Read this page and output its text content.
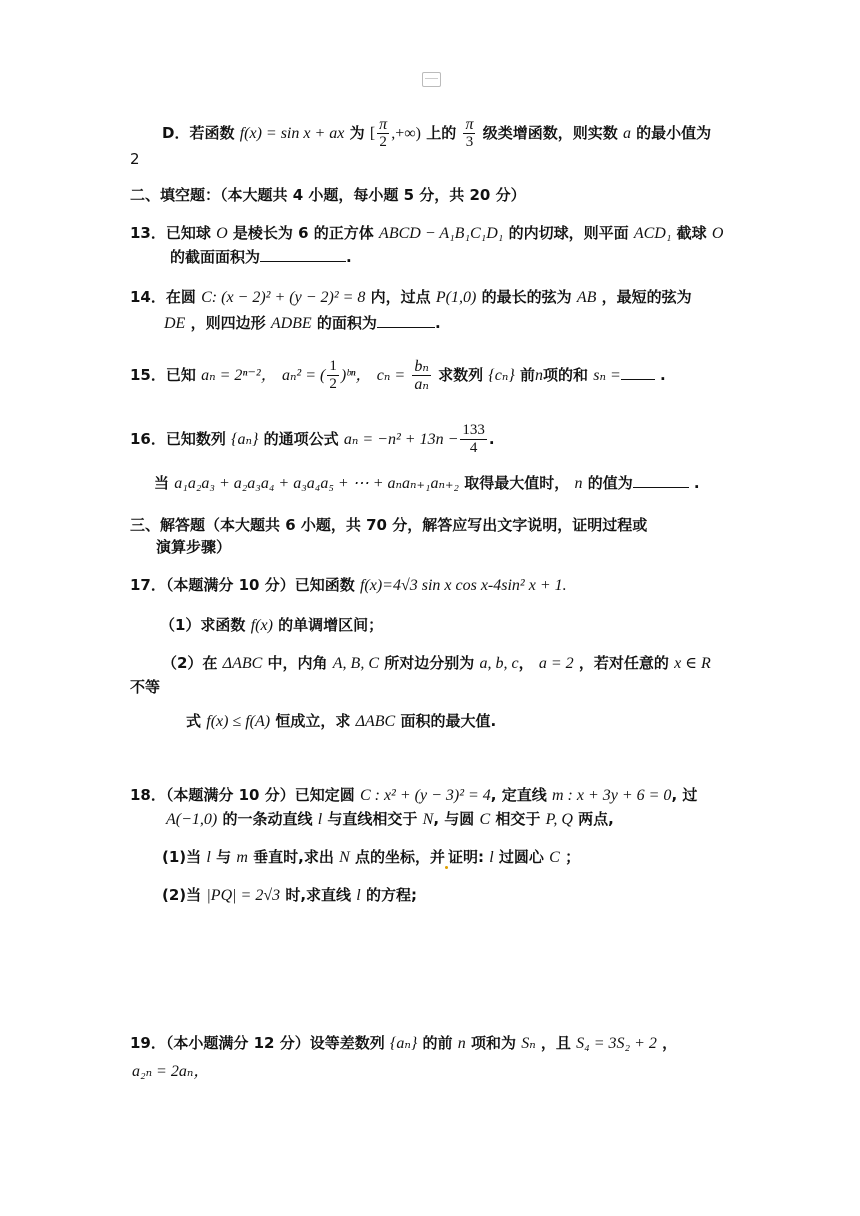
D．若函数 f(x) = sin x + ax 为 [ $\frac{\pi}{2}$ ,+∞) 上的 $\frac{\pi}{3}$ 级类增函数，则实数 a 的最小值为
2
二、填空题：（本大题共 4 小题，每小题 5 分，共 20 分）
13．已知球 O 是棱长为 6 的正方体 ABCD − A₁B₁C₁D₁ 的内切球，则平面 ACD₁ 截球 O
的截面面积为	.
14．在圆 C: (x − 2)² + (y − 2)² = 8 内，过点 P(1,0) 的最长的弦为 AB ，最短的弦为
DE ，则四边形 ADBE 的面积为	.
15．已知 aₙ = 2ⁿ⁻²， aₙ² = ( $\frac{1}{2}$ )ᵇⁿ， $c_n = \frac{\text{bₙ}}{\text{aₙ}}$ 求数列 {cₙ} 前n项的和 sₙ = .
16．已知数列 {aₙ} 的通项公式 $a_n = -n^2 + 13n - \frac{133}{4}$ .
当 a₁a₂a₃ + a₂a₃a₄ + a₃a₄a₅ + ⋯ + aₙaₙ₊₁aₙ₊₂ 取得最大值时， n 的值为	.
三、解答题（本大题共 6 小题，共 70 分，解答应写出文字说明，证明过程或
演算步骤）
17．（本题满分 10 分）已知函数 f(x)=4√3 sin x cos x-4sin² x + 1.
（1）求函数 f(x) 的单调增区间；
（2）在 ΔABC 中，内角 A, B, C 所对边分别为 a, b, c， a = 2 ，若对任意的 x ∈ R
不等
式 f(x) ≤ f(A) 恒成立，求 ΔABC 面积的最大值.
18．（本题满分 10 分）已知定圆 C : x² + (y − 3)² = 4, 定直线 m : x + 3y + 6 = 0, 过
A(−1,0) 的一条动直线 l 与直线相交于 N, 与圆 C 相交于 P, Q 两点,
(1)当 l 与 m 垂直时,求出 N 点的坐标，并 证明: l 过圆心 C ；
(2)当 |PQ| = 2√3 时,求直线 l 的方程;
19．（本小题满分 12 分）设等差数列 {aₙ} 的前 n 项和为 Sₙ ，且 S₄ = 3S₂ + 2 ，
a₂ₙ = 2aₙ，
